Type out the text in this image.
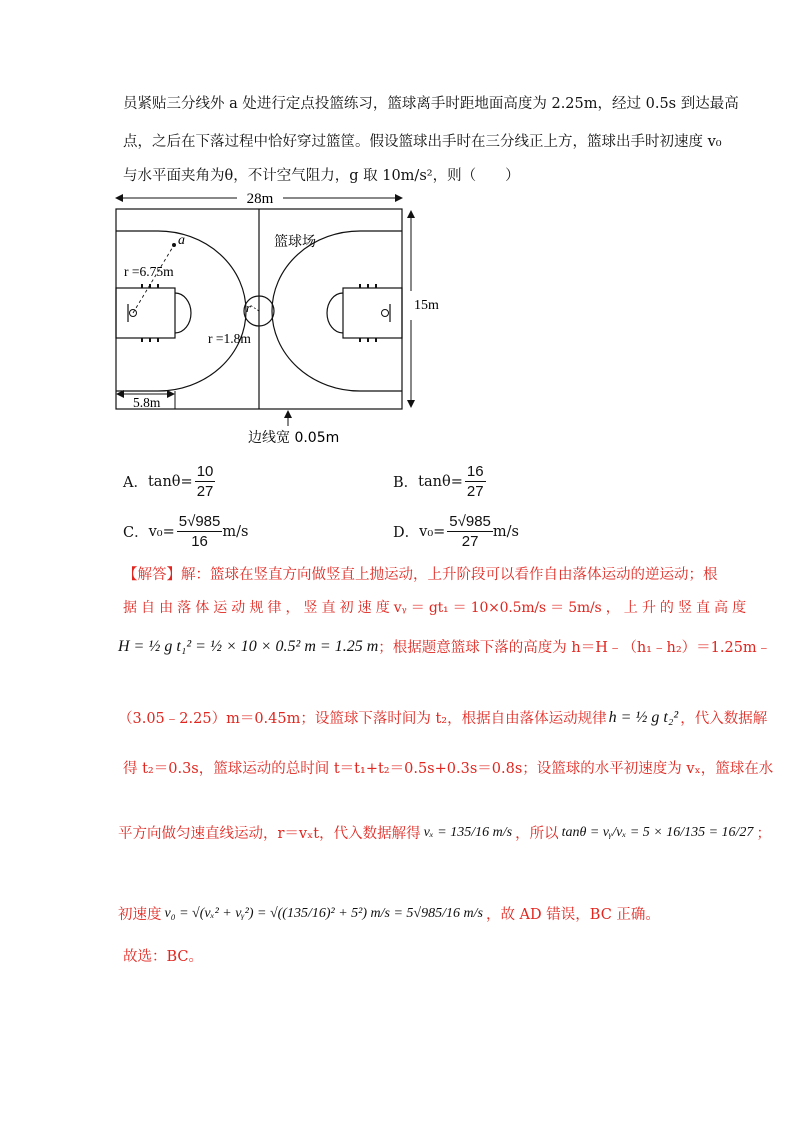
员紧贴三分线外 a 处进行定点投篮练习，篮球离手时距地面高度为 2.25m，经过 0.5s 到达最高
点，之后在下落过程中恰好穿过篮筐。假设篮球出手时在三分线正上方，篮球出手时初速度 v₀
与水平面夹角为θ，不计空气阻力，g 取 10m/s²，则（　　）
28m
r
a
r =6.75m
r =1.8m
篮球场
15m
5.8m
边线宽 0.05m
A． $\tan\theta= \frac{10}{27}$	B． $\tan\theta= \frac{16}{27}$
C． $v_0= \frac{5√985}{16} m/s$	D． $v_0= \frac{5√985}{27} m/s$
【解答】解：篮球在竖直方向做竖直上抛运动，上升阶段可以看作自由落体运动的逆运动；根
据 自 由 落 体 运 动 规 律 ， 竖 直 初 速 度 vᵧ ＝ gt₁ ＝ 10×0.5m/s ＝ 5m/s ， 上 升 的 竖 直 高 度
H = ½ g t₁² = ½ × 10 × 0.5² m = 1.25 m ；根据题意篮球下落的高度为 h＝H﹣（h₁﹣h₂）＝1.25m﹣
（3.05﹣2.25）m＝0.45m；设篮球下落时间为 t₂，根据自由落体运动规律 h = ½ g t₂² ，代入数据解
得 t₂＝0.3s，篮球运动的总时间 t＝t₁+t₂＝0.5s+0.3s＝0.8s；设篮球的水平初速度为 vₓ，篮球在水
平方向做匀速直线运动，r＝vₓt，代入数据解得 vₓ = 135/16 m/s ，所以 tanθ = vᵧ/vₓ = 5 × 16/135 = 16/27 ；
初速度 v₀ = √(vₓ² + vᵧ²) = √((135/16)² + 5²) m/s = 5√985/16 m/s ，故 AD 错误，BC 正确。
故选：BC。
